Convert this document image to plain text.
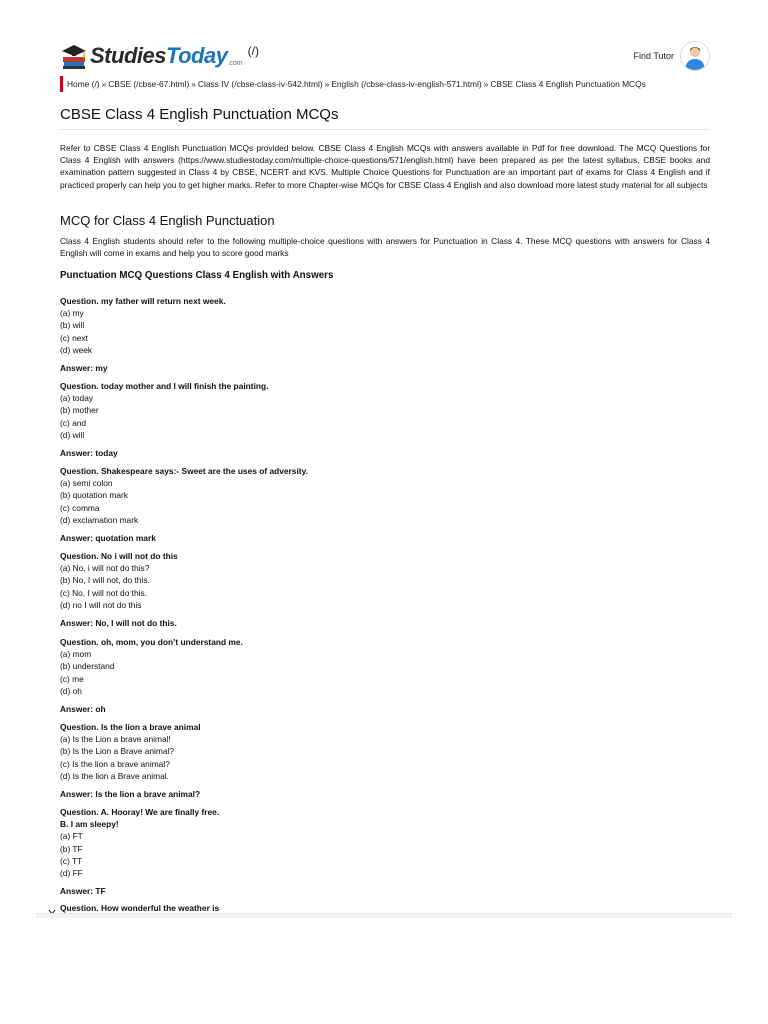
StudiesToday .com
(/)	Find Tutor
Home (/) » CBSE (/cbse-67.html) » Class IV (/cbse-class-iv-542.html) » English (/cbse-class-iv-english-571.html) » CBSE Class 4 English Punctuation MCQs
CBSE Class 4 English Punctuation MCQs

Refer to CBSE Class 4 English Punctuation MCQs provided below. CBSE Class 4 English MCQs with answers available in Pdf for free download. The MCQ Questions for Class 4 English with answers (https://www.studiestoday.com/multiple-choice-questions/571/english.html) have been prepared as per the latest syllabus, CBSE books and examination pattern suggested in Class 4 by CBSE, NCERT and KVS. Multiple Choice Questions for Punctuation are an important part of exams for Class 4 English and if practiced properly can help you to get higher marks. Refer to more Chapter-wise MCQs for CBSE Class 4 English and also download more latest study material for all subjects

MCQ for Class 4 English Punctuation

Class 4 English students should refer to the following multiple-choice questions with answers for Punctuation in Class 4. These MCQ questions with answers for Class 4 English will come in exams and help you to score good marks

Punctuation MCQ Questions Class 4 English with Answers
Question. my father will return next week.
(a) my
(b) will
(c) next
(d) week
Answer: my
Question. today mother and I will finish the painting.
(a) today
(b) mother
(c) and
(d) will
Answer: today
Question. Shakespeare says:- Sweet are the uses of adversity.
(a) semi colon
(b) quotation mark
(c) comma
(d) exclamation mark
Answer: quotation mark
Question. No i will not do this
(a) No, i will not do this?
(b) No, I will not, do this.
(c) No, I will not do this.
(d) no I will not do this
Answer: No, I will not do this.
Question. oh, mom, you don’t understand me.
(a) mom
(b) understand
(c) me
(d) oh
Answer: oh
Question. Is the lion a brave animal
(a) Is the Lion a brave animal!
(b) Is the Lion a Brave animal?
(c) Is the lion a brave animal?
(d) Is the lion a Brave animal.
Answer: Is the lion a brave animal?
Question. A. Hooray! We are finally free.
B. I am sleepy!
(a) FT
(b) TF
(c) TT
(d) FF
Answer: TF
Question. How wonderful the weather is
